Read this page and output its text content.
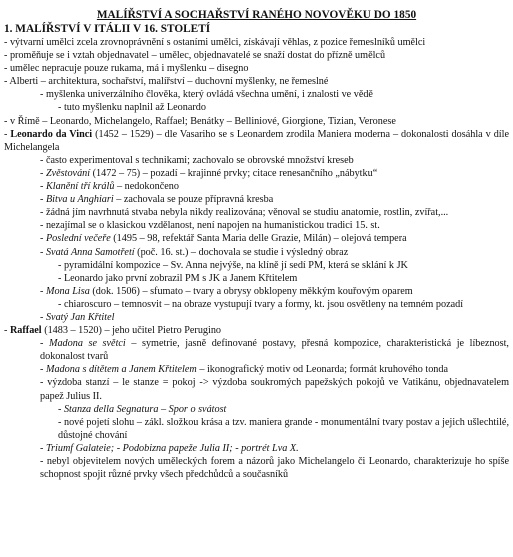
MALÍŘSTVÍ A SOCHAŘSTVÍ RANÉHO NOVOVĚKU DO 1850

1. MALÍŘSTVÍ V ITÁLII V 16. STOLETÍ

- výtvarní umělci zcela zrovnoprávnění s ostaními umělci, získávají věhlas, z pozice řemeslníků umělci
- proměňuje se i vztah objednavatel – umělec, objednavatelé se snaží dostat do přízně umělců
- umělec nepracuje pouze rukama, má i myšlenku – disegno
- Alberti – architektura, sochařství, malířství – duchovní myšlenky, ne řemeslné
- myšlenka univerzálního člověka, který ovládá všechna umění, i znalosti ve vědě
- tuto myšlenku naplnil až Leonardo
- v Římě – Leonardo, Michelangelo, Raffael; Benátky – Belliniové, Giorgione, Tizian, Veronese
- Leonardo da Vinci (1452 – 1529) – dle Vasariho se s Leonardem zrodila Maniera moderna – dokonalosti dosáhla v díle Michelangela
- často experimentoval s technikami; zachovalo se obrovské množství kreseb
- Zvěstování (1472 – 75) – pozadí – krajinné prvky; citace renesančního „nábytku“
- Klanění tří králů – nedokončeno
- Bitva u Anghiari – zachovala se pouze přípravná kresba
- žádná jím navrhnutá stvaba nebyla nikdy realizována; věnoval se studiu anatomie, rostlin, zvířat,...
- nezajímal se o klasickou vzdělanost, není napojen na humanistickou tradici 15. st.
- Poslední večeře (1495 – 98, refektář Santa Maria delle Grazie, Milán) – olejová tempera
- Svatá Anna Samotřetí (poč. 16. st.) – dochovala se studie i výsledný obraz
- pyramidální kompozice – Sv. Anna nejvýše, na klíně jí sedí PM, která se sklání k JK
- Leonardo jako první zobrazil PM s JK a Janem Křtitelem
- Mona Lisa (dok. 1506) – sfumato – tvary a obrysy obklopeny měkkým kouřovým oparem
- chiaroscuro – temnosvit – na obraze vystupují tvary a formy, kt. jsou osvětleny na temném pozadí
- Svatý Jan Křtitel
- Raffael (1483 – 1520) – jeho učitel Pietro Perugino
- Madona se světci – symetrie, jasně definované postavy, přesná kompozice, charakteristická je líbeznost, dokonalost tvarů
- Madona s dítětem a Janem Křtitelem – ikonografický motiv od Leonarda; formát kruhového tonda
- výzdoba stanzí – le stanze = pokoj -> výzdoba soukromých papežských pokojů ve Vatikánu, objednavatelem papež Julius II.
- Stanza della Segnatura – Spor o svátost
- nové pojetí slohu – zákl. složkou krása a tzv. maniera grande - monumentální tvary postav a jejich ušlechtilé, důstojné chování
- Triumf Galateie; - Podobizna papeže Julia II; - portrét Lva X.
- nebyl objevitelem nových uměleckých forem a názorů jako Michelangelo či Leonardo, charakterizuje ho spíše schopnost spojit různé prvky všech předchůdců a současníků
